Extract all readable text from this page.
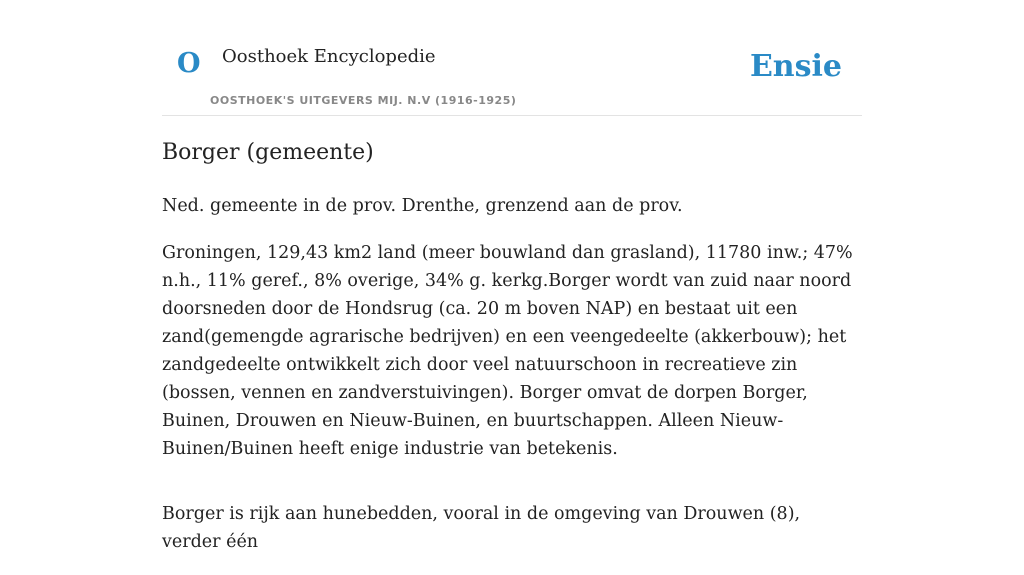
O Oosthoek Encyclopedie
OOSTHOEK'S UITGEVERS MIJ. N.V (1916-1925)
Ensie
Borger (gemeente)

Ned. gemeente in de prov. Drenthe, grenzend aan de prov.

Groningen, 129,43 km2 land (meer bouwland dan grasland), 11780 inw.; 47% n.h., 11% geref., 8% overige, 34% g. kerkg.Borger wordt van zuid naar noord doorsneden door de Hondsrug (ca. 20 m boven NAP) en bestaat uit een zand(gemengde agrarische bedrijven) en een veengedeelte (akkerbouw); het zandgedeelte ontwikkelt zich door veel natuurschoon in recreatieve zin (bossen, vennen en zandverstuivingen). Borger omvat de dorpen Borger, Buinen, Drouwen en Nieuw-Buinen, en buurtschappen. Alleen Nieuw-Buinen/Buinen heeft enige industrie van betekenis.

Borger is rijk aan hunebedden, vooral in de omgeving van Drouwen (8), verder één
